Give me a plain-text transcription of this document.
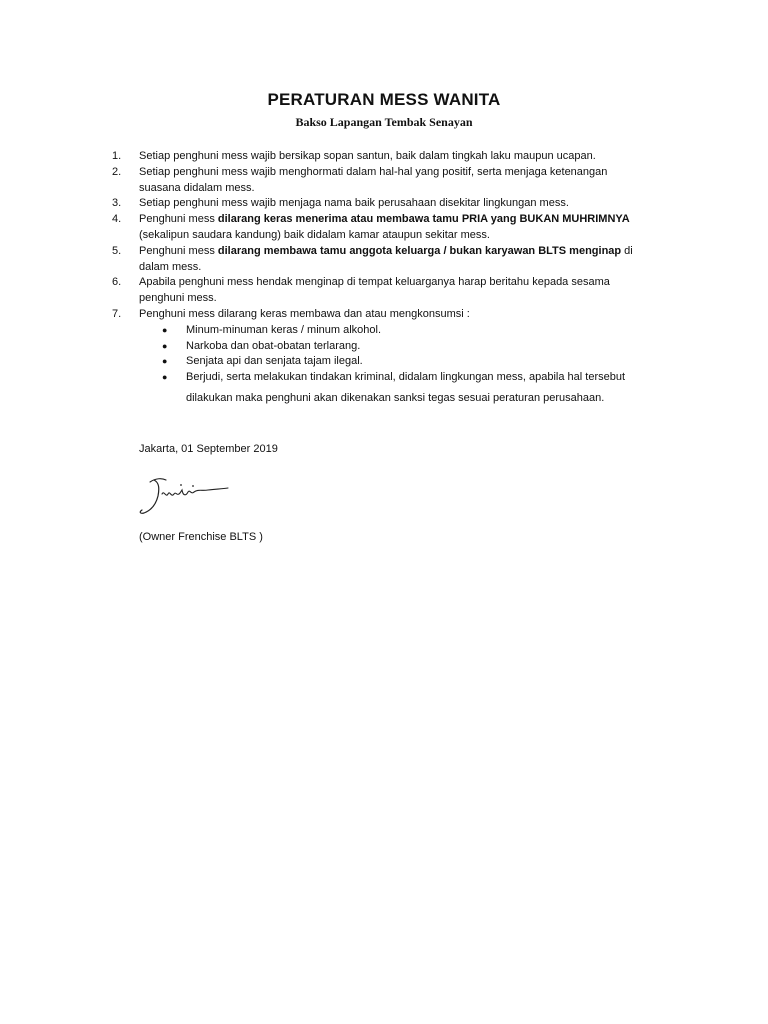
PERATURAN MESS WANITA
Bakso Lapangan Tembak Senayan
1. Setiap penghuni mess wajib bersikap sopan santun, baik dalam tingkah laku maupun ucapan.
2. Setiap penghuni mess wajib menghormati dalam hal-hal yang positif, serta menjaga ketenangan
suasana didalam mess.
3. Setiap penghuni mess wajib menjaga nama baik perusahaan disekitar lingkungan mess.
4. Penghuni mess dilarang keras menerima atau membawa tamu PRIA yang BUKAN MUHRIMNYA
(sekalipun saudara kandung) baik didalam kamar ataupun sekitar mess.
5. Penghuni mess dilarang membawa tamu anggota keluarga / bukan karyawan BLTS menginap di
dalam mess.
6. Apabila penghuni mess hendak menginap di tempat keluarganya harap beritahu kepada sesama
penghuni mess.
7. Penghuni mess dilarang keras membawa dan atau mengkonsumsi :
● Minum-minuman keras / minum alkohol.
● Narkoba dan obat-obatan terlarang.
● Senjata api dan senjata tajam ilegal.
● Berjudi, serta melakukan tindakan kriminal, didalam lingkungan mess, apabila hal tersebut
dilakukan maka penghuni akan dikenakan sanksi tegas sesuai peraturan perusahaan.
Jakarta, 01 September 2019
(Owner Frenchise BLTS )
